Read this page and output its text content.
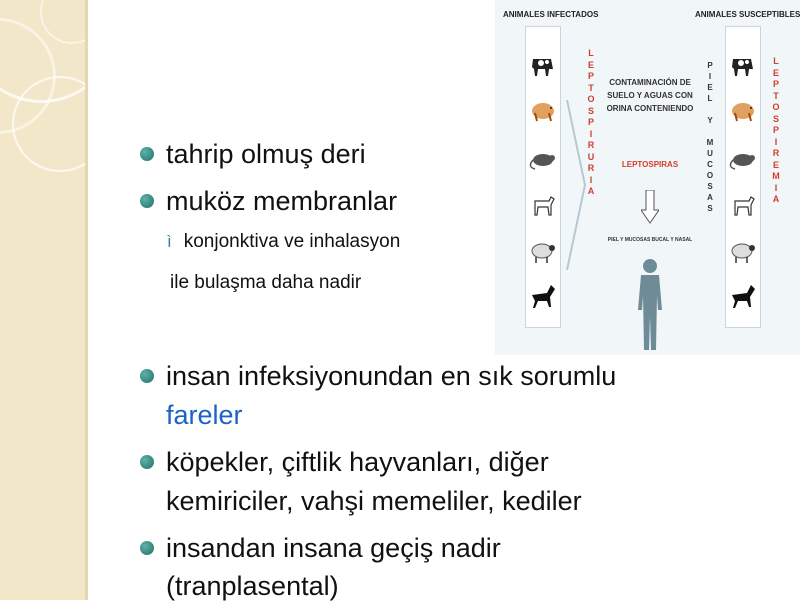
ANIMALES INFECTADOS	ANIMALES SUSCEPTIBLES
L
E
P
T
O
S
P
I
R
U
R
I
A
CONTAMINACIÓN DE
SUELO Y AGUAS CON
ORINA CONTENIENDO
LEPTOSPIRAS
PIEL Y MUCOSAS BUCAL Y NASAL
P
I
E
L

Y

M
U
C
O
S
A
S
L
E
P
T
O
S
P
I
R
E
M
I
A
tahrip olmuş deri
muköz membranlar
ì konjonktiva ve inhalasyon
ile bulaşma daha nadir
insan infeksiyonundan en sık sorumlu
fareler
köpekler, çiftlik hayvanları, diğer
kemiriciler, vahşi memeliler, kediler
insandan insana geçiş nadir
(tranplasental)
